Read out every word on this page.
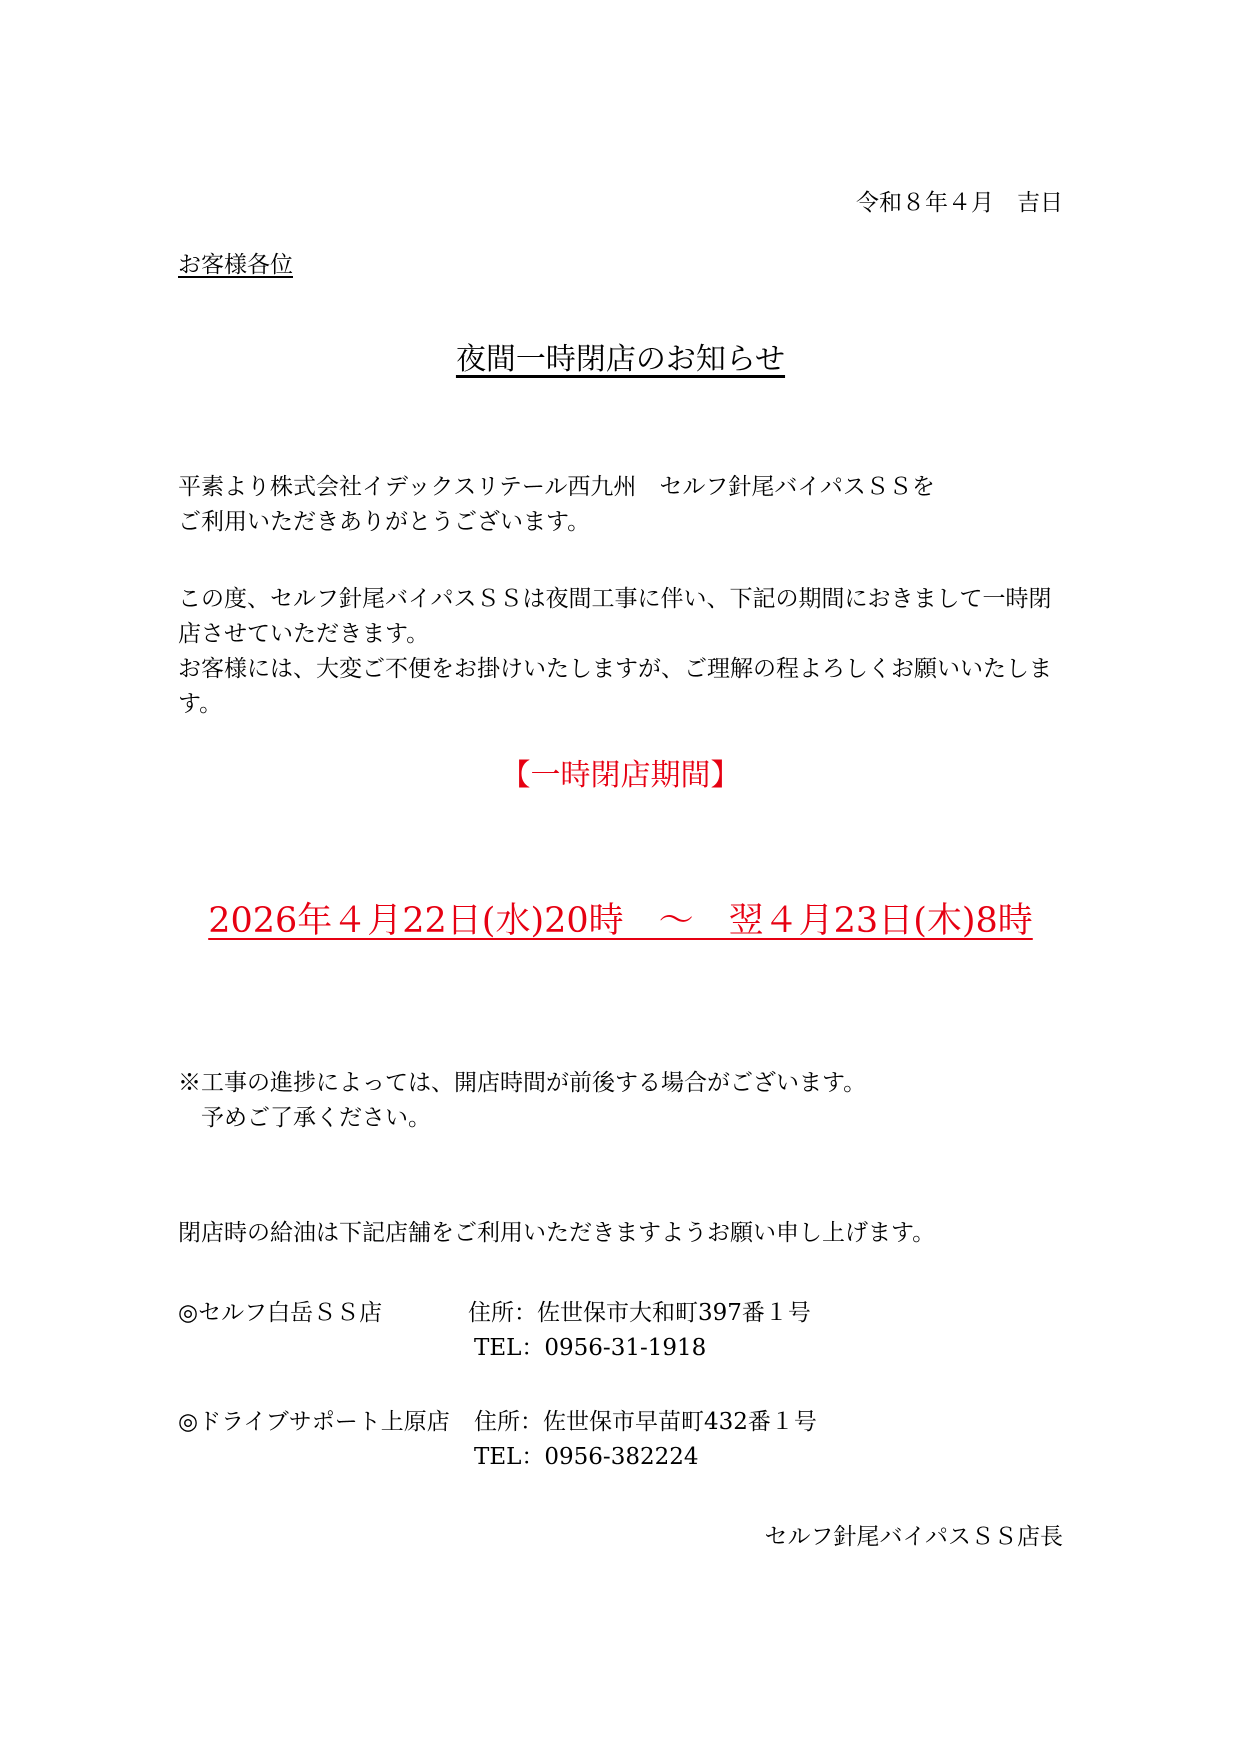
令和８年４月　吉日
お客様各位
夜間一時閉店のお知らせ
平素より株式会社イデックスリテール西九州　セルフ針尾バイパスＳＳを
ご利用いただきありがとうございます。
この度、セルフ針尾バイパスＳＳは夜間工事に伴い、下記の期間におきまして一時閉
店させていただきます。
お客様には、大変ご不便をお掛けいたしますが、ご理解の程よろしくお願いいたしま
す。
【一時閉店期間】
2026年４月22日(水)20時　～　翌４月23日(木)8時
※工事の進捗によっては、開店時間が前後する場合がございます。
　予めご了承ください。
閉店時の給油は下記店舗をご利用いただきますようお願い申し上げます。
◎セルフ白岳ＳＳ店	住所：佐世保市大和町397番１号
TEL：0956-31-1918
◎ドライブサポート上原店 住所：佐世保市早苗町432番１号
TEL：0956-382224
セルフ針尾バイパスＳＳ店長
